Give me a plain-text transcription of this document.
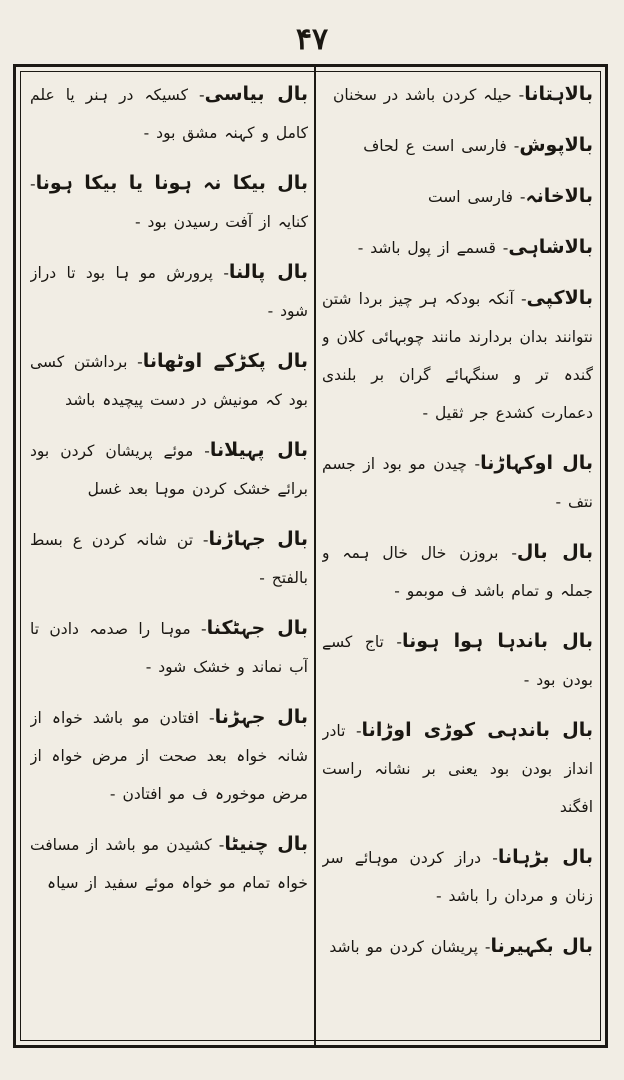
۴۷

بالاہتانا- حیلہ کردن باشد در سخنان

بالاپوش- فارسی است ع لحاف

بالاخانہ- فارسی است

بالاشاہی- قسمے از پول باشد -

بالاکپی- آنکہ بودکہ ہر چیز بردا شتن نتوانند بدان بردارند مانند چوبہائی کلان و گندہ تر و سنگہائے گران بر بلندی دعمارت کشدع جر ثقیل -

بال اوکہاڑنا- چیدن مو بود از جسم نتف -

بال بال- بروزن خال خال ہمہ و جملہ و تمام باشد ف موبمو -

بال باندہا ہوا ہونا- تاج کسے بودن بود -

بال باندہی کوڑی اوڑانا- تادر انداز بودن بود یعنی بر نشانہ راست افگند

بال بڑہانا- دراز کردن موہائے سر زنان و مردان را باشد -

بال بکہیرنا- پریشان کردن مو باشد

بال بیاسی- کسیکہ در ہنر یا علم کامل و کہنہ مشق بود -

بال بیکا نہ ہونا یا بیکا ہونا- کنایہ از آفت رسیدن بود -

بال پالنا- پرورش مو ہا بود تا دراز شود -

بال پکڑکے اوٹھانا- برداشتن کسی بود کہ مونیش در دست پیچیدہ باشد

بال پہیلانا- موئے پریشان کردن بود برائے خشک کردن موہا بعد غسل

بال جہاڑنا- تن شانہ کردن ع بسط بالفتح -

بال جہٹکنا- موہا را صدمہ دادن تا آب نماند و خشک شود -

بال جہڑنا- افتادن مو باشد خواہ از شانہ خواہ بعد صحت از مرض خواہ از مرض موخورہ ف مو افتادن -

بال چنیٹا- کشیدن مو باشد از مسافت خواہ تمام مو خواہ موئے سفید از سیاہ
